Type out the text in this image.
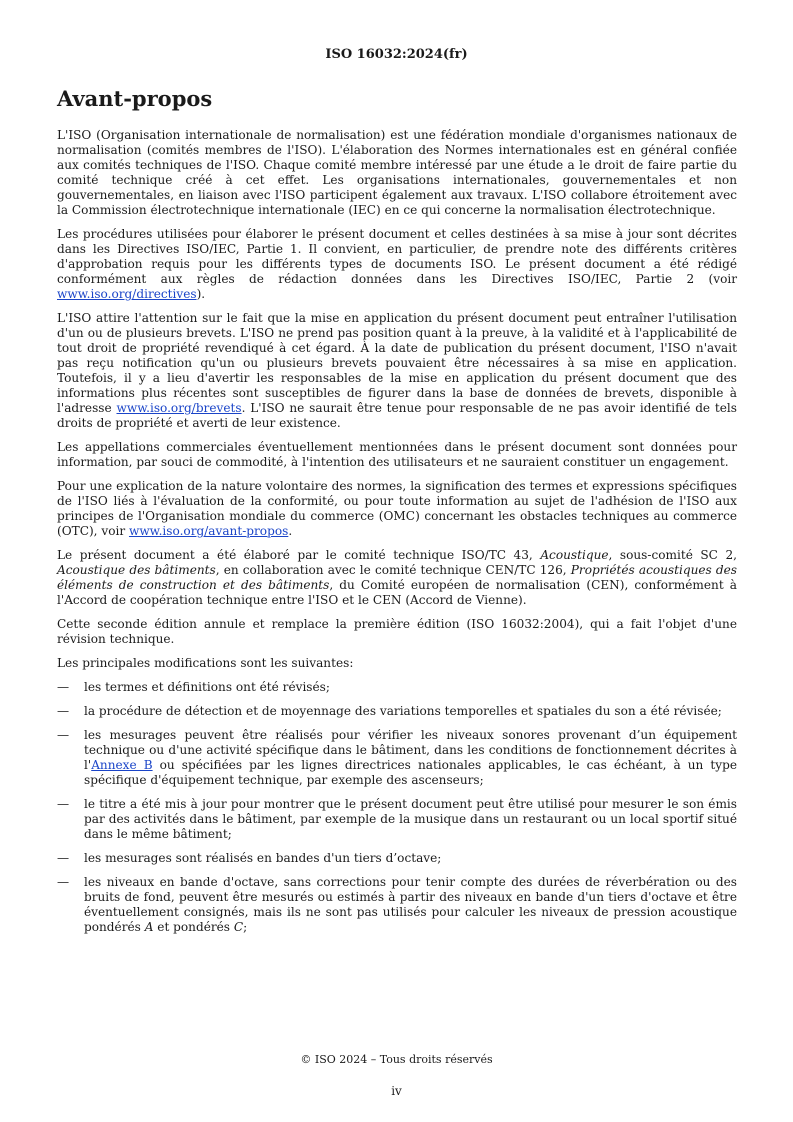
ISO 16032:2024(fr)
Avant-propos

L'ISO (Organisation internationale de normalisation) est une fédération mondiale d'organismes nationaux de normalisation (comités membres de l'ISO). L'élaboration des Normes internationales est en général confiée aux comités techniques de l'ISO. Chaque comité membre intéressé par une étude a le droit de faire partie du comité technique créé à cet effet. Les organisations internationales, gouvernementales et non gouvernementales, en liaison avec l'ISO participent également aux travaux. L'ISO collabore étroitement avec la Commission électrotechnique internationale (IEC) en ce qui concerne la normalisation électrotechnique.

Les procédures utilisées pour élaborer le présent document et celles destinées à sa mise à jour sont décrites dans les Directives ISO/IEC, Partie 1. Il convient, en particulier, de prendre note des différents critères d'approbation requis pour les différents types de documents ISO. Le présent document a été rédigé conformément aux règles de rédaction données dans les Directives ISO/IEC, Partie 2 (voir www.iso.org/directives).

L'ISO attire l'attention sur le fait que la mise en application du présent document peut entraîner l'utilisation d'un ou de plusieurs brevets. L'ISO ne prend pas position quant à la preuve, à la validité et à l'applicabilité de tout droit de propriété revendiqué à cet égard. À la date de publication du présent document, l'ISO n'avait pas reçu notification qu'un ou plusieurs brevets pouvaient être nécessaires à sa mise en application. Toutefois, il y a lieu d'avertir les responsables de la mise en application du présent document que des informations plus récentes sont susceptibles de figurer dans la base de données de brevets, disponible à l'adresse www.iso.org/brevets. L'ISO ne saurait être tenue pour responsable de ne pas avoir identifié de tels droits de propriété et averti de leur existence.

Les appellations commerciales éventuellement mentionnées dans le présent document sont données pour information, par souci de commodité, à l'intention des utilisateurs et ne sauraient constituer un engagement.

Pour une explication de la nature volontaire des normes, la signification des termes et expressions spécifiques de l'ISO liés à l'évaluation de la conformité, ou pour toute information au sujet de l'adhésion de l'ISO aux principes de l'Organisation mondiale du commerce (OMC) concernant les obstacles techniques au commerce (OTC), voir www.iso.org/avant-propos.

Le présent document a été élaboré par le comité technique ISO/TC 43, Acoustique, sous-comité SC 2, Acoustique des bâtiments, en collaboration avec le comité technique CEN/TC 126, Propriétés acoustiques des éléments de construction et des bâtiments, du Comité européen de normalisation (CEN), conformément à l'Accord de coopération technique entre l'ISO et le CEN (Accord de Vienne).

Cette seconde édition annule et remplace la première édition (ISO 16032:2004), qui a fait l'objet d'une révision technique.

Les principales modifications sont les suivantes:

— les termes et définitions ont été révisés;
— la procédure de détection et de moyennage des variations temporelles et spatiales du son a été révisée;
— les mesurages peuvent être réalisés pour vérifier les niveaux sonores provenant d’un équipement technique ou d'une activité spécifique dans le bâtiment, dans les conditions de fonctionnement décrites à l'Annexe B ou spécifiées par les lignes directrices nationales applicables, le cas échéant, à un type spécifique d'équipement technique, par exemple des ascenseurs;
— le titre a été mis à jour pour montrer que le présent document peut être utilisé pour mesurer le son émis par des activités dans le bâtiment, par exemple de la musique dans un restaurant ou un local sportif situé dans le même bâtiment;
— les mesurages sont réalisés en bandes d'un tiers d’octave;
— les niveaux en bande d'octave, sans corrections pour tenir compte des durées de réverbération ou des bruits de fond, peuvent être mesurés ou estimés à partir des niveaux en bande d'un tiers d'octave et être éventuellement consignés, mais ils ne sont pas utilisés pour calculer les niveaux de pression acoustique pondérés A et pondérés C;
© ISO 2024 – Tous droits réservés
iv
